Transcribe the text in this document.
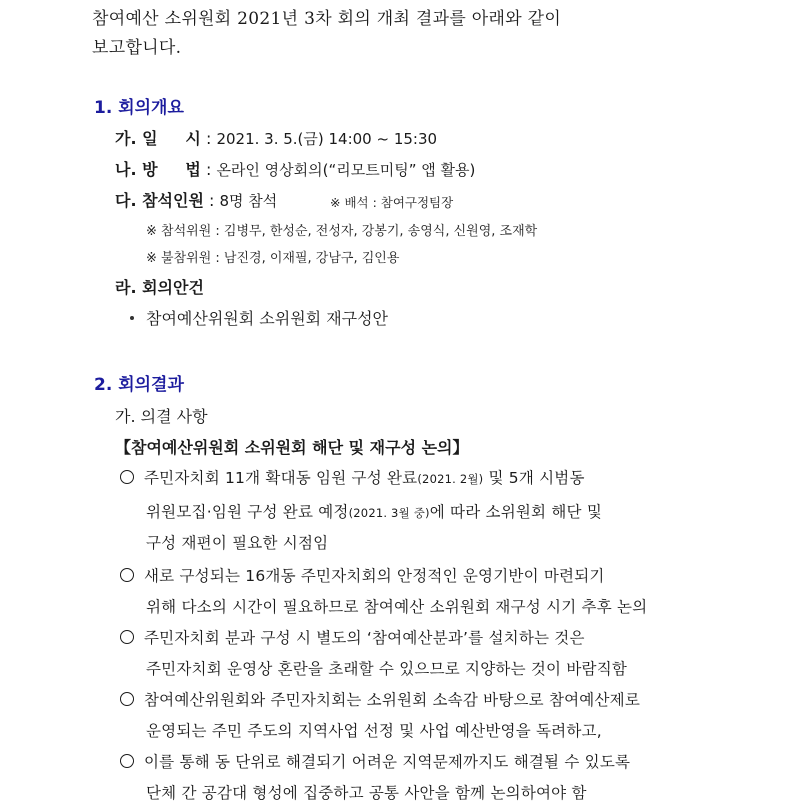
참여예산 소위원회 2021년 3차 회의 개최 결과를 아래와 같이
보고합니다.
1. 회의개요
가. 일     시 : 2021. 3. 5.(금) 14:00 ~ 15:30
나. 방     법 : 온라인 영상회의(“리모트미팅” 앱 활용)
다. 참석인원 : 8명 참석	※ 배석 : 참여구정팀장
※ 참석위원 : 김병무, 한성순, 전성자, 강봉기, 송영식, 신원영, 조재학
※ 불참위원 : 남진경, 이재필, 강남구, 김인용
라. 회의안건
참여예산위원회 소위원회 재구성안
2. 회의결과
가. 의결 사항
【참여예산위원회 소위원회 해단 및 재구성 논의】
주민자치회 11개 확대동 임원 구성 완료(2021. 2월) 및 5개 시범동
위원모집·임원 구성 완료 예정(2021. 3월 중)에 따라 소위원회 해단 및
구성 재편이 필요한 시점임
새로 구성되는 16개동 주민자치회의 안정적인 운영기반이 마련되기
위해 다소의 시간이 필요하므로 참여예산 소위원회 재구성 시기 추후 논의
주민자치회 분과 구성 시 별도의 ‘참여예산분과’를 설치하는 것은
주민자치회 운영상 혼란을 초래할 수 있으므로 지양하는 것이 바람직함
참여예산위원회와 주민자치회는 소위원회 소속감 바탕으로 참여예산제로
운영되는 주민 주도의 지역사업 선정 및 사업 예산반영을 독려하고,
이를 통해 동 단위로 해결되기 어려운 지역문제까지도 해결될 수 있도록
단체 간 공감대 형성에 집중하고 공통 사안을 함께 논의하여야 함
